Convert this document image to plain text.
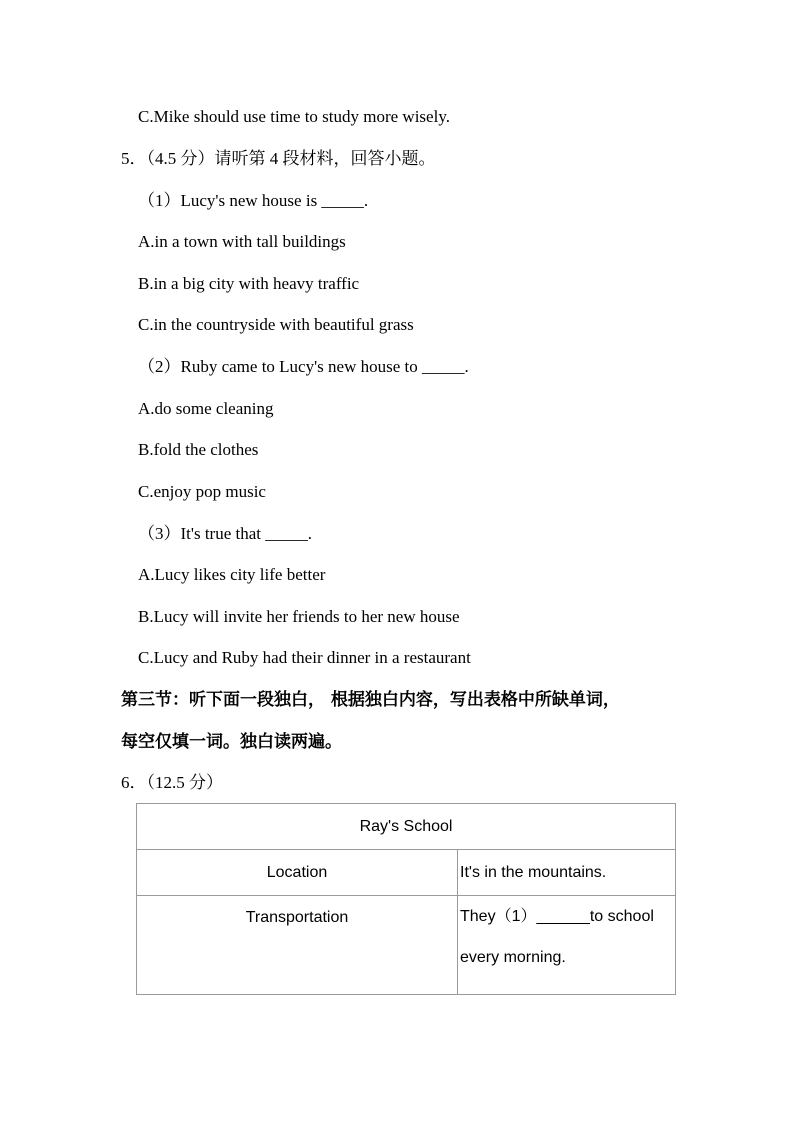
C.Mike should use time to study more wisely.
5．（4.5 分）请听第 4 段材料，回答小题。
（1）Lucy's new house is _____.
A.in a town with tall buildings
B.in a big city with heavy traffic
C.in the countryside with beautiful grass
（2）Ruby came to Lucy's new house to _____.
A.do some cleaning
B.fold the clothes
C.enjoy pop music
（3）It's true that _____.
A.Lucy likes city life better
B.Lucy will invite her friends to her new house
C.Lucy and Ruby had their dinner in a restaurant
第三节：听下面一段独白， 根据独白内容，写出表格中所缺单词，
每空仅填一词。独白读两遍。
6．（12.5 分）
Ray's School	
Location	It's in the mountains.
Transportation	They（1）______to school
every morning.
